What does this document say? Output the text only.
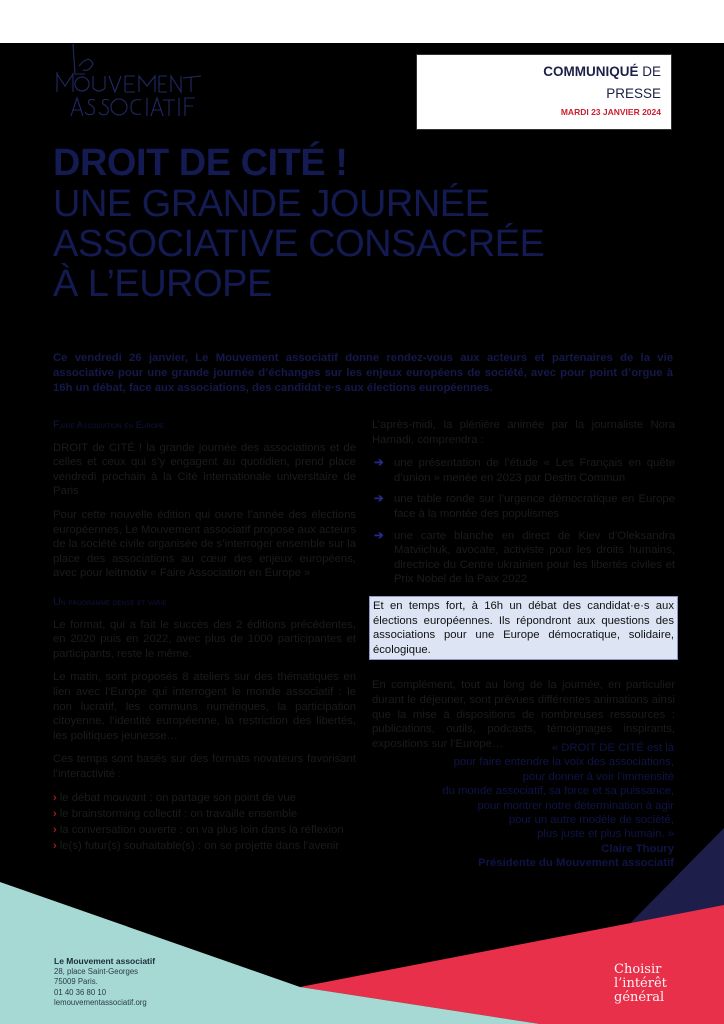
COMMUNIQUÉ DE
PRESSE
MARDI 23 JANVIER 2024
DROIT DE CITÉ !
UNE GRANDE JOURNÉE
ASSOCIATIVE CONSACRÉE
À L’EUROPE
Ce vendredi 26 janvier, Le Mouvement associatif donne rendez-vous aux acteurs et partenaires de la vie associative pour une grande journée d’échanges sur les enjeux européens de société, avec pour point d’orgue à 16h un débat, face aux associations, des candidat·e·s aux élections européennes.
Faire Association en Europe

DROIT de CITÉ ! la grande journée des associations et de celles et ceux qui s’y engagent au quotidien, prend place vendredi prochain à la Cité internationale universitaire de Paris

Pour cette nouvelle édition qui ouvre l’année des élections européennes, Le Mouvement associatif propose aux acteurs de la société civile organisée de s’interroger ensemble sur la place des associations au cœur des enjeux européens, avec pour leitmotiv « Faire Association en Europe »

Un programme dense et varié

Le format, qui a fait le succès des 2 éditions précédentes, en 2020 puis en 2022, avec plus de 1000 participantes et participants, reste le même.

Le matin, sont proposés 8 ateliers sur des thématiques en lien avec l’Europe qui interrogent le monde associatif : le non lucratif, les communs numériques, la participation citoyenne, l’identité européenne, la restriction des libertés, les politiques jeunesse…

Ces temps sont basés sur des formats novateurs favorisant l’interactivité :

› le débat mouvant : on partage son point de vue
› le brainstorming collectif : on travaille ensemble
› la conversation ouverte : on va plus loin dans la réflexion
› le(s) futur(s) souhaitable(s) : on se projette dans l’avenir

L’après-midi, la plénière animée par la journaliste Nora Hamadi, comprendra :

➔ une présentation de l’étude « Les Français en quête d’union » menée en 2023 par Destin Commun
➔ une table ronde sur l’urgence démocratique en Europe face à la montée des populismes
➔ une carte blanche en direct de Kiev d’Oleksandra Matviichuk, avocate, activiste pour les droits humains, directrice du Centre ukrainien pour les libertés civiles et Prix Nobel de la Paix 2022
Et en temps fort, à 16h un débat des candidat·e·s aux élections européennes. Ils répondront aux questions des associations pour une Europe démocratique, solidaire, écologique.

En complément, tout au long de la journée, en particulier durant le déjeuner, sont prévues différentes animations ainsi que la mise à dispositions de nombreuses ressources : publications, outils, podcasts, témoignages inspirants, expositions sur l’Europe…	« DROIT DE CITÉ est là
pour faire entendre la voix des associations,
pour donner à voir l’immensité
du monde associatif, sa force et sa puissance,
pour montrer notre détermination à agir
pour un autre modèle de société,
plus juste et plus humain. »
Claire Thoury
Présidente du Mouvement associatif
Le Mouvement associatif
28, place Saint-Georges
75009 Paris.
01 40 36 80 10
lemouvementassociatif.org
Choisir
l’intérêt
général
